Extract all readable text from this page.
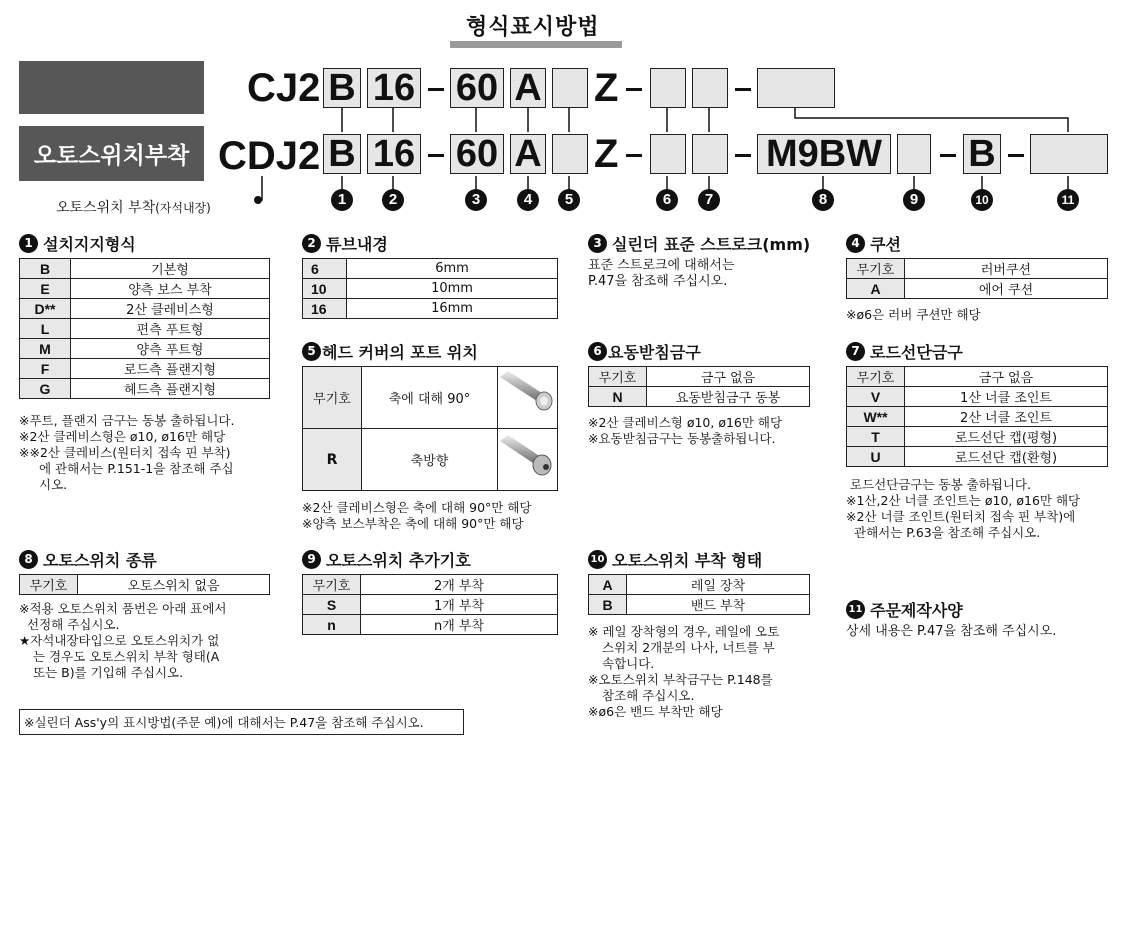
형식표시방법
오토스위치부착
CJ2 B 16 60 A Z
CDJ2 B 16 60 A Z	M9BW B
1	2	3	4	5	6	7	8	9	10	11
오토스위치 부착(자석내장)
1 설치지지형식
B	기본형
E	양측 보스 부착
D**	2산 클레비스형
L	편측 푸트형
M	양측 푸트형
F	로드측 플랜지형
G	헤드측 플랜지형
※푸트, 플랜지 금구는 동봉 출하됩니다.
※2산 클레비스형은 ø10, ø16만 해당
※※2산 클레비스(원터치 접속 핀 부착)
에 관해서는 P.151-1을 참조해 주십
시오.
2 튜브내경
6	6mm
10	10mm
16	16mm
3 실린더 표준 스트로크(mm)
표준 스트로크에 대해서는
P.47을 참조해 주십시오.
4 쿠션
무기호	러버쿠션
A	에어 쿠션
※ø6은 러버 쿠션만 해당
5 헤드 커버의 포트 위치
무기호	축에 대해 90°
R	축방향
※2산 클레비스형은 축에 대해 90°만 해당
※양측 보스부착은 축에 대해 90°만 해당
6 요동받침금구
무기호	금구 없음
N	요동받침금구 동봉
※2산 클레비스형 ø10, ø16만 해당
※요동받침금구는 동봉출하됩니다.
7 로드선단금구
무기호	금구 없음
V	1산 너클 조인트
W**	2산 너클 조인트
T	로드선단 캡(평형)
U	로드선단 캡(환형)
로드선단금구는 동봉 출하됩니다.
※1산,2산 너클 조인트는 ø10, ø16만 해당
※2산 너클 조인트(원터치 접속 핀 부착)에
관해서는 P.63을 참조해 주십시오.
8 오토스위치 종류
무기호	오토스위치 없음
※적용 오토스위치 품번은 아래 표에서
선정해 주십시오.
★자석내장타입으로 오토스위치가 없
는 경우도 오토스위치 부착 형태(A
또는 B)를 기입해 주십시오.
9 오토스위치 추가기호
무기호	2개 부착
S	1개 부착
n	n개 부착
10 오토스위치 부착 형태
A	레일 장착
B	밴드 부착
※ 레일 장착형의 경우, 레일에 오토
스위치 2개분의 나사, 너트를 부
속합니다.
※오토스위치 부착금구는 P.148를
참조해 주십시오.
※ø6은 밴드 부착만 해당
11 주문제작사양
상세 내용은 P.47을 참조해 주십시오.
※실린더 Ass'y의 표시방법(주문 예)에 대해서는 P.47을 참조해 주십시오.
